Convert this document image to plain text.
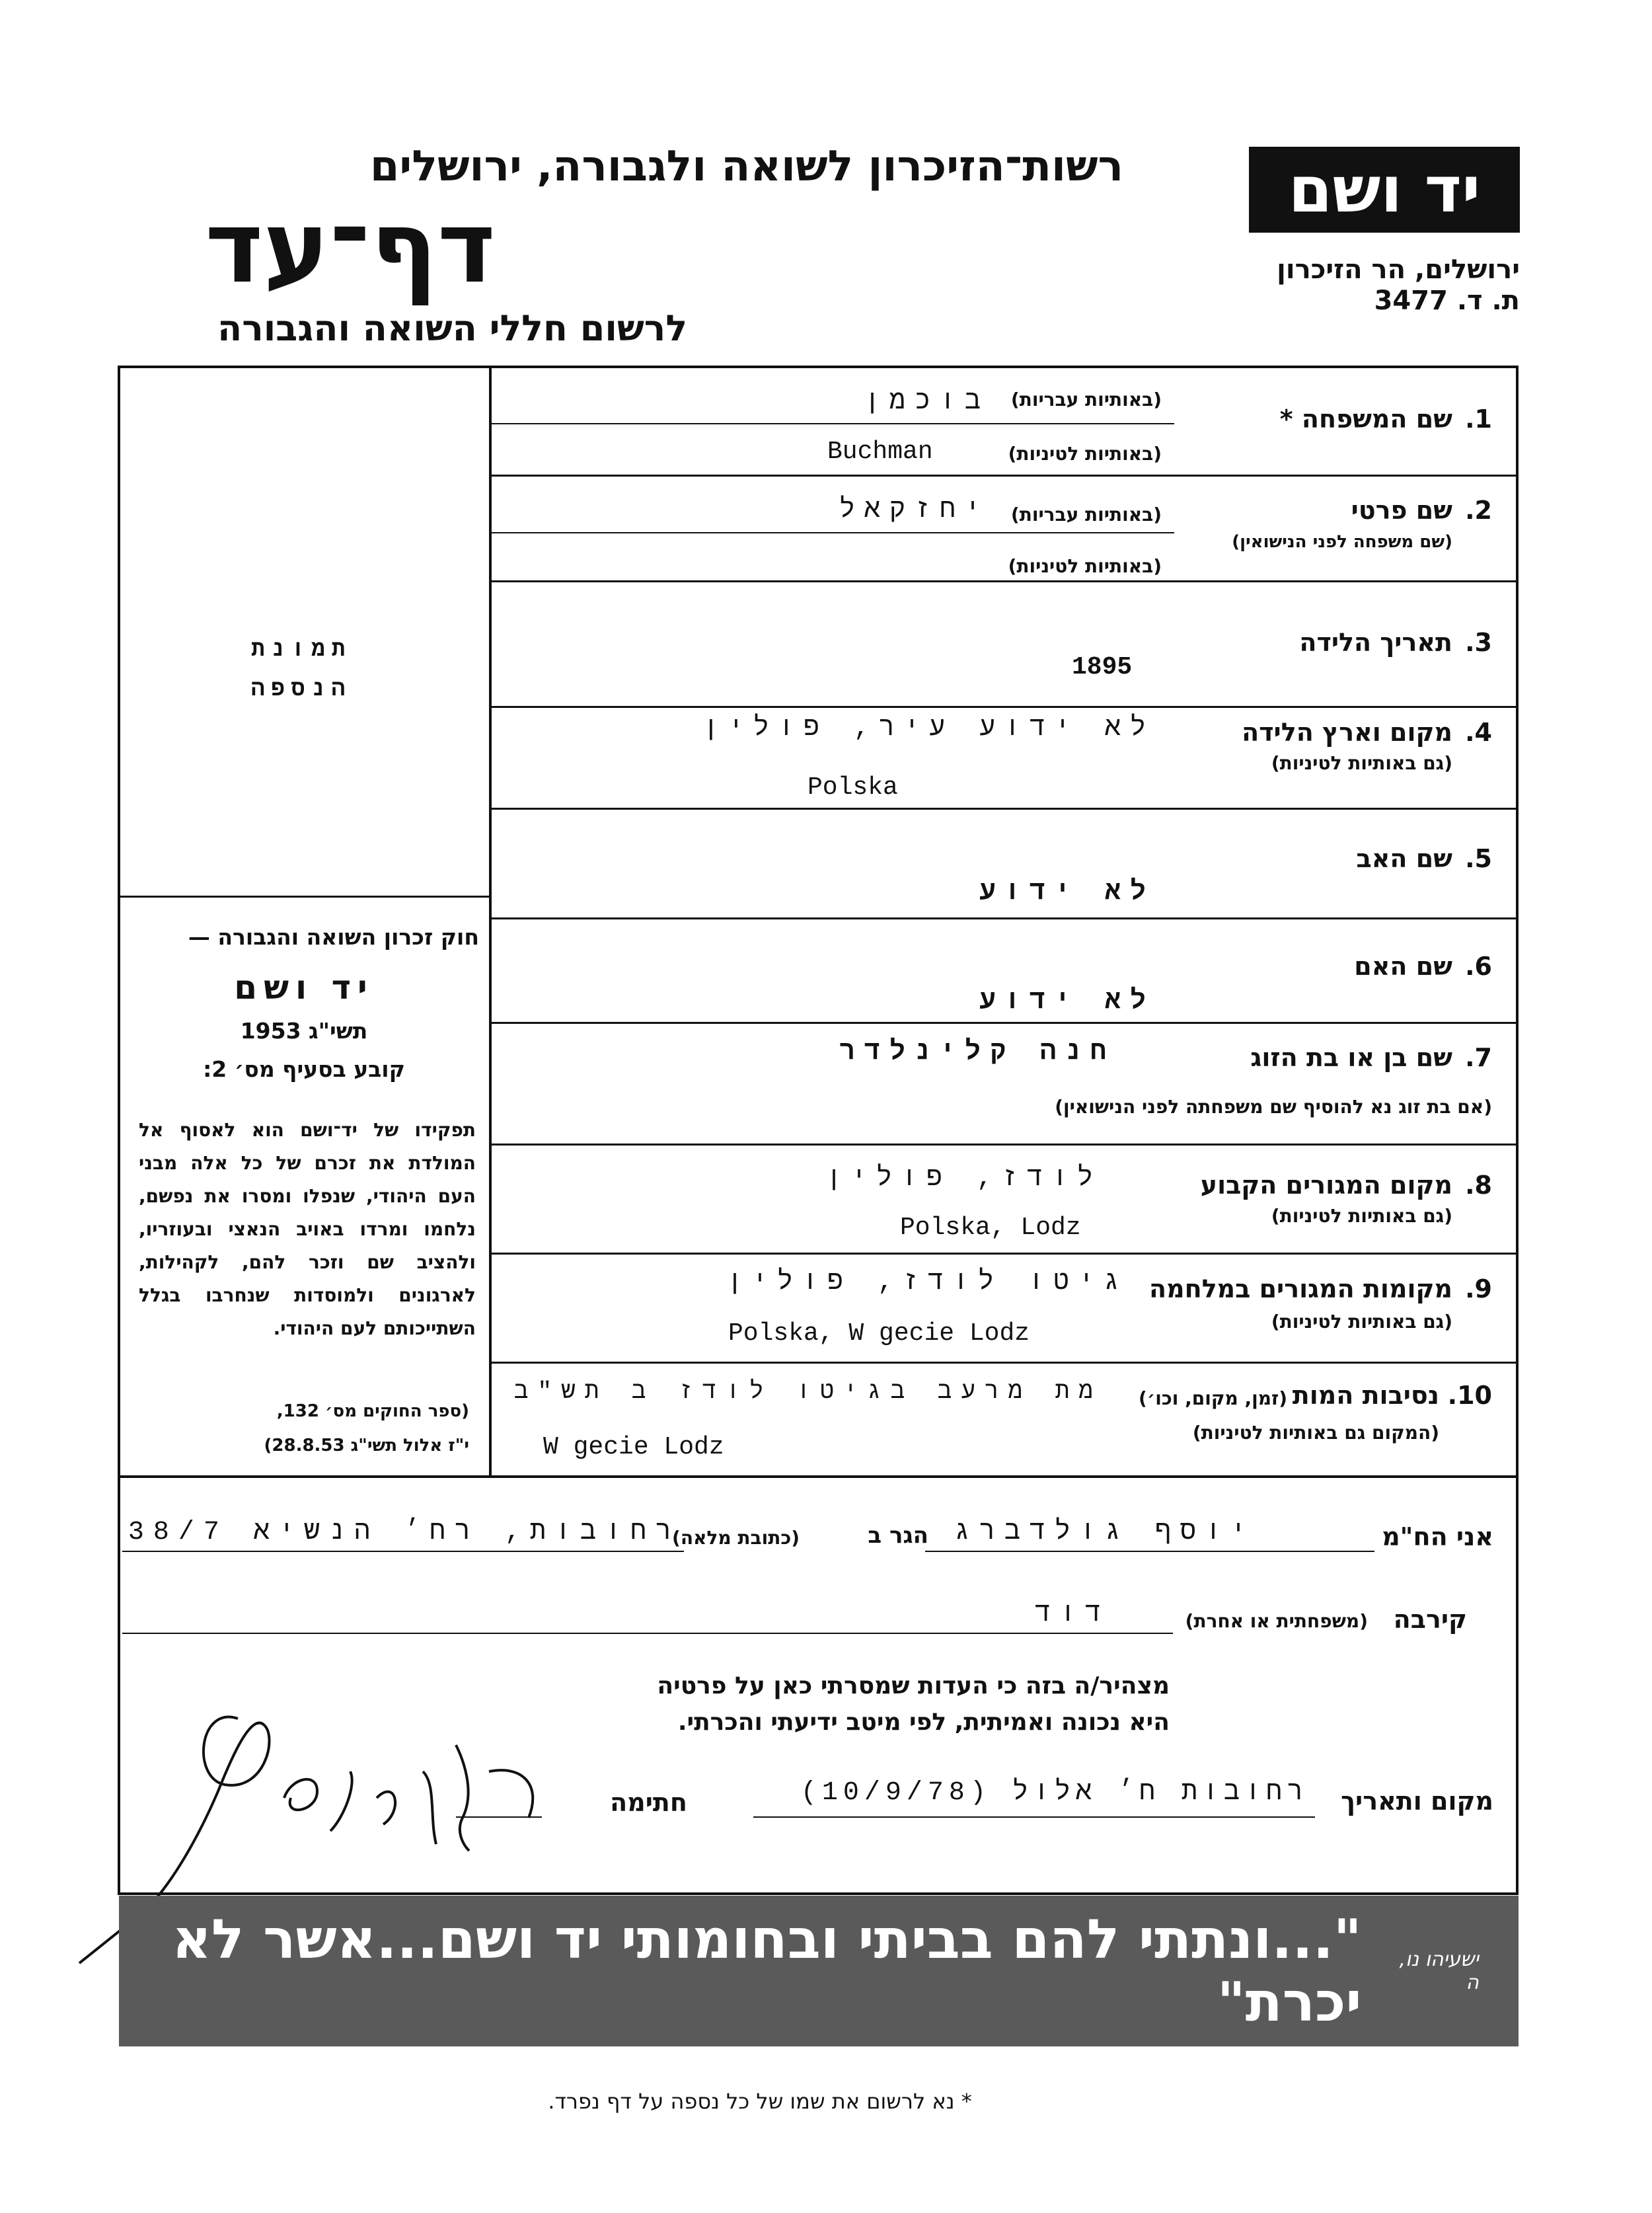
רשות־הזיכרון לשואה ולגבורה, ירושלים
דף־עד
לרשום חללי השואה והגבורה
יד ושם
ירושלים, הר הזיכרון
ת. ד. 3477
תמונת
הנספה
חוק זכרון השואה והגבורה —
יד ושם
תשי"ג 1953
קובע בסעיף מס׳ 2:
תפקידו של יד־ושם הוא לאסוף אל המולדת את זכרם של כל אלה מבני העם היהודי, שנפלו ומסרו את נפשם, נלחמו ומרדו באויב הנאצי ובעוזריו, ולהציב שם וזכר להם, לקהילות, לארגונים ולמוסדות שנחרבו בגלל השתייכותם לעם היהודי.
(ספר החוקים מס׳ 132,
י"ז אלול תשי"ג 28.8.53)
1.
שם המשפחה *
(באותיות עבריות)
בוכמן
(באותיות לטיניות)
Buchman
2.
שם פרטי
(שם משפחה לפני הנישואין)
(באותיות עבריות)
יחזקאל
(באותיות לטיניות)
3.
תאריך הלידה
1895
4.
מקום וארץ הלידה
(גם באותיות לטיניות)
לא ידוע עיר, פולין
Polska
5.
שם האב
לא ידוע
6.
שם האם
לא ידוע
7.
שם בן או בת הזוג
(אם בת זוג נא להוסיף שם משפחתה לפני הנישואין)
חנה קלינלדר
8.
מקום המגורים הקבוע
(גם באותיות לטיניות)
לודז, פולין
Polska, Lodz
9.
מקומות המגורים במלחמה
(גם באותיות לטיניות)
גיטו לודז, פולין
Polska, W gecie Lodz
10.
נסיבות המות
(זמן, מקום, וכו׳)
(המקום גם באותיות לטיניות)
מת מרעב בגיטו לודז ב תש"ב
W gecie Lodz
אני הח"מ
יוסף גולדברג
הגר ב
(כתובת מלאה)
רחובות, רח׳ הנשיא 38/7
קירבה
(משפחתית או אחרת)
דוד
מצהיר/ה בזה כי העדות שמסרתי כאן על פרטיה
היא נכונה ואמיתית, לפי מיטב ידיעתי והכרתי.
מקום ותאריך
רחובות ח׳ אלול (10/9/78)
חתימה
ישעיהו נו, ה
"...ונתתי להם בביתי ובחומותי יד ושם...אשר לא יכרת"
* נא לרשום את שמו של כל נספה על דף נפרד.
